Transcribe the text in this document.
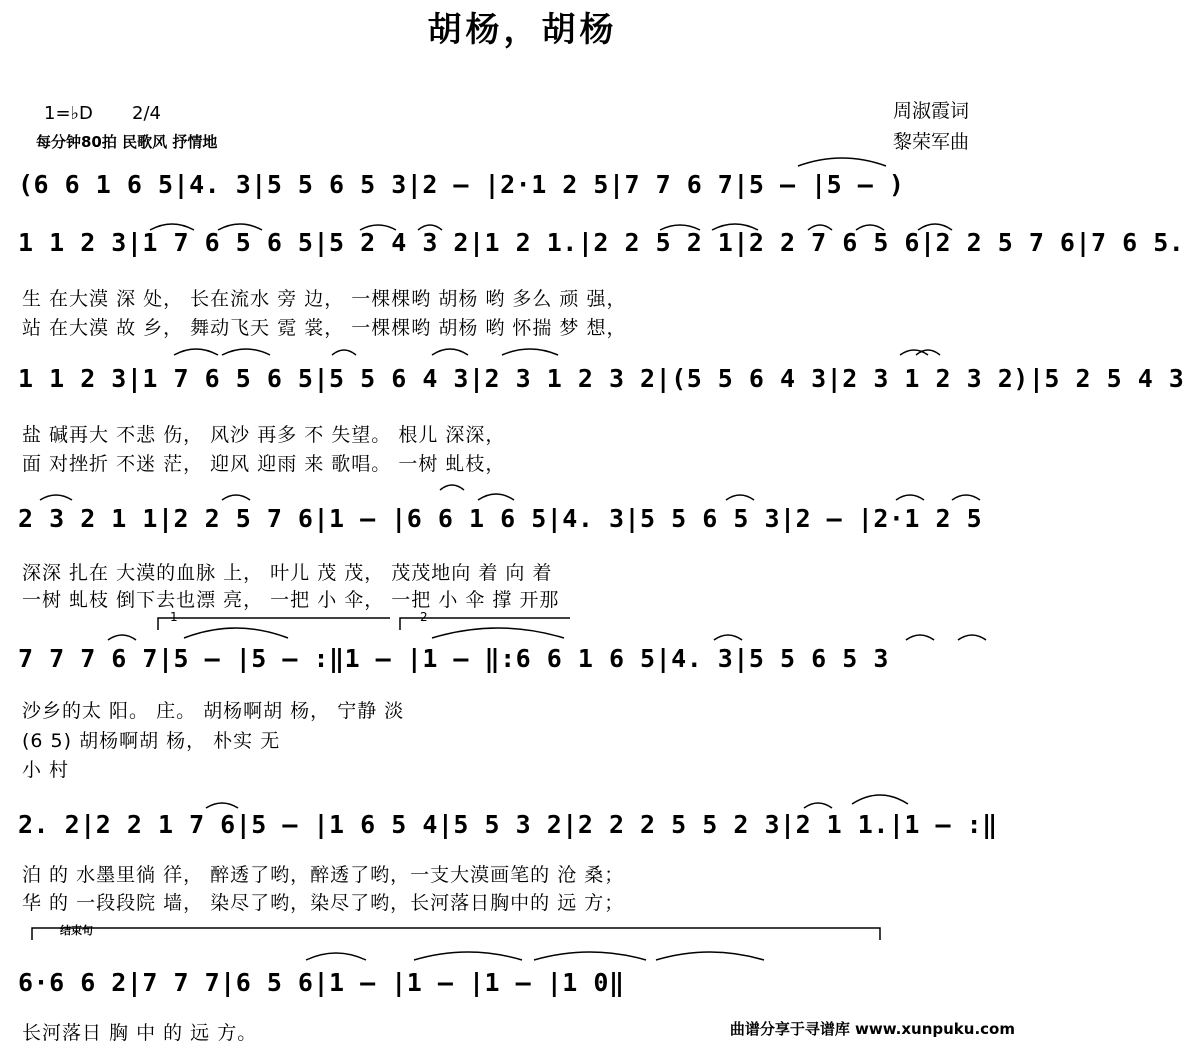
胡杨，胡杨
1=♭D 2/4
每分钟80拍 民歌风 抒情地
周淑霞词
黎荣军曲
1	2
结束句
(6 6 1 6 5|4. 3|5 5 6 5 3|2 – |2·1 2 5|7 7 6 7|5 – |5 – )
1 1 2 3|1 7 6 5 6 5|5 2 4 3 2|1 2 1.|2 2 5 2 1|2 2 7 6 5 6|2 2 5 7 6|7 6 5.
生 在大漠 深 处， 长在流水 旁 边， 一棵棵哟 胡杨 哟 多么 顽 强，
站 在大漠 故 乡， 舞动飞天 霓 裳， 一棵棵哟 胡杨 哟 怀揣 梦 想，
1 1 2 3|1 7 6 5 6 5|5 5 6 4 3|2 3 1 2 3 2|(5 5 6 4 3|2 3 1 2 3 2)|5 2 5 4 3
盐 碱再大 不悲 伤， 风沙 再多 不 失望。 根儿 深深，
面 对挫折 不迷 茫， 迎风 迎雨 来 歌唱。 一树 虬枝，
2 3 2 1 1|2 2 5 7 6|1 – |6 6 1 6 5|4. 3|5 5 6 5 3|2 – |2·1 2 5
深深 扎在 大漠的血脉 上， 叶儿 茂 茂， 茂茂地向 着 向 着
一树 虬枝 倒下去也漂 亮， 一把 小 伞， 一把 小 伞 撑 开那
7 7 7 6 7|5 – |5 – :‖1 – |1 – ‖:6 6 1 6 5|4. 3|5 5 6 5 3
沙乡的太 阳。 庄。 胡杨啊胡 杨， 宁静 淡
(6 5) 胡杨啊胡 杨， 朴实 无
小 村
2. 2|2 2 1 7 6|5 – |1 6 5 4|5 5 3 2|2 2 2 5 5 2 3|2 1 1.|1 – :‖
泊 的 水墨里徜 徉， 醉透了哟，醉透了哟，一支大漠画笔的 沧 桑；
华 的 一段段院 墙， 染尽了哟，染尽了哟，长河落日胸中的 远 方；
6·6 6 2|7 7 7|6 5 6|1 – |1 – |1 – |1 0‖
长河落日 胸 中 的 远 方。	曲谱分享于寻谱库 www.xunpuku.com
